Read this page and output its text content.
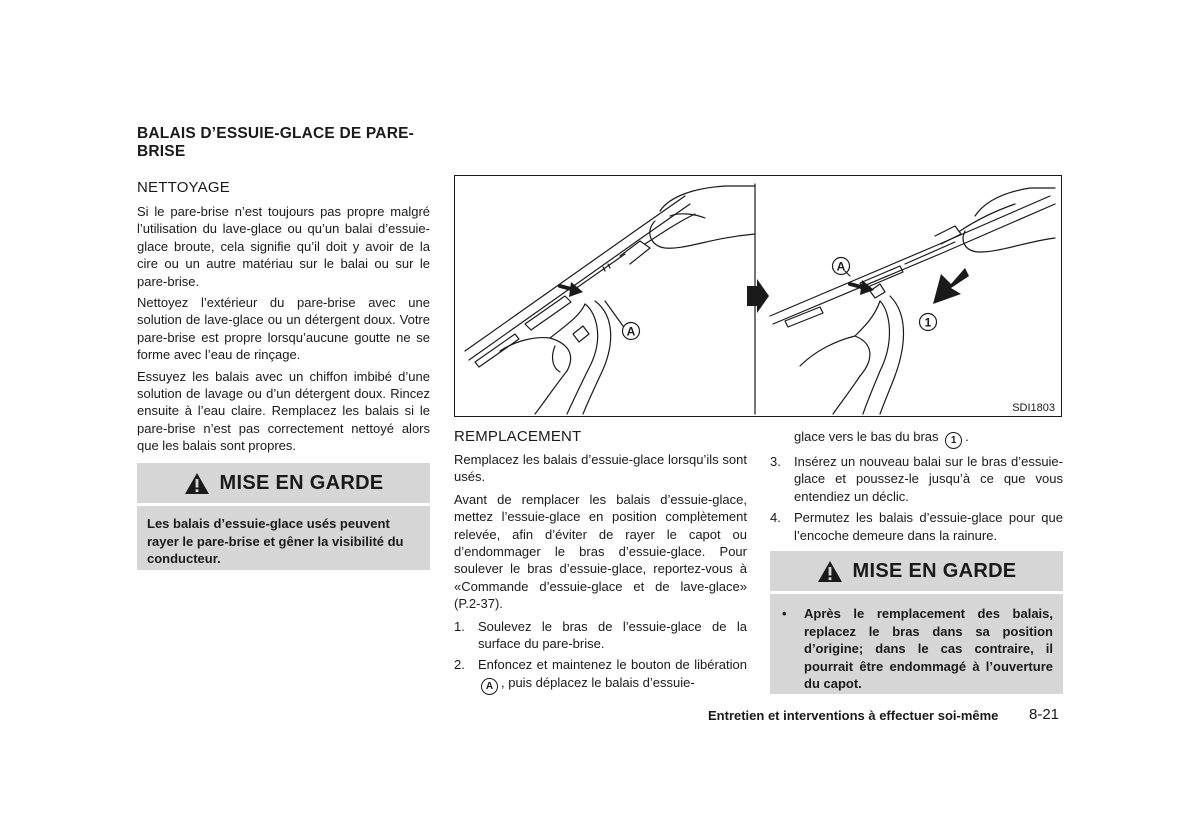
BALAIS D’ESSUIE-GLACE DE PARE-BRISE
NETTOYAGE

Si le pare-brise n’est toujours pas propre malgré l’utilisation du lave-glace ou qu’un balai d’essuie-glace broute, cela signifie qu’il doit y avoir de la cire ou un autre matériau sur le balai ou sur le pare-brise.

Nettoyez l’extérieur du pare-brise avec une solution de lave-glace ou un détergent doux. Votre pare-brise est propre lorsqu’aucune goutte ne se forme avec l’eau de rinçage.

Essuyez les balais avec un chiffon imbibé d’une solution de lavage ou d’un détergent doux. Rincez ensuite à l’eau claire. Remplacez les balais si le pare-brise n’est pas correctement nettoyé alors que les balais sont propres.

MISE EN GARDE
Les balais d’essuie-glace usés peuvent rayer le pare-brise et gêner la visibilité du conducteur.
A
A
1
SDI1803
REMPLACEMENT

Remplacez les balais d’essuie-glace lorsqu’ils sont usés.

Avant de remplacer les balais d’essuie-glace, mettez l’essuie-glace en position complètement relevée, afin d’éviter de rayer le capot ou d’endommager le bras d’essuie-glace. Pour soulever le bras d’essuie-glace, reportez-vous à «Commande d’essuie-glace et de lave-glace» (P.2-37).

1.	Soulevez le bras de l’essuie-glace de la surface du pare-brise.
2.	Enfoncez et maintenez le bouton de libération A , puis déplacez le balais d’essuie-
glace vers le bas du bras 1 .
3.	Insérez un nouveau balai sur le bras d’essuie-glace et poussez-le jusqu’à ce que vous entendiez un déclic.
4.	Permutez les balais d’essuie-glace pour que l’encoche demeure dans la rainure.
MISE EN GARDE
•	Après le remplacement des balais, replacez le bras dans sa position d’origine; dans le cas contraire, il pourrait être endommagé à l’ouverture du capot.
Entretien et interventions à effectuer soi-même 8-21
